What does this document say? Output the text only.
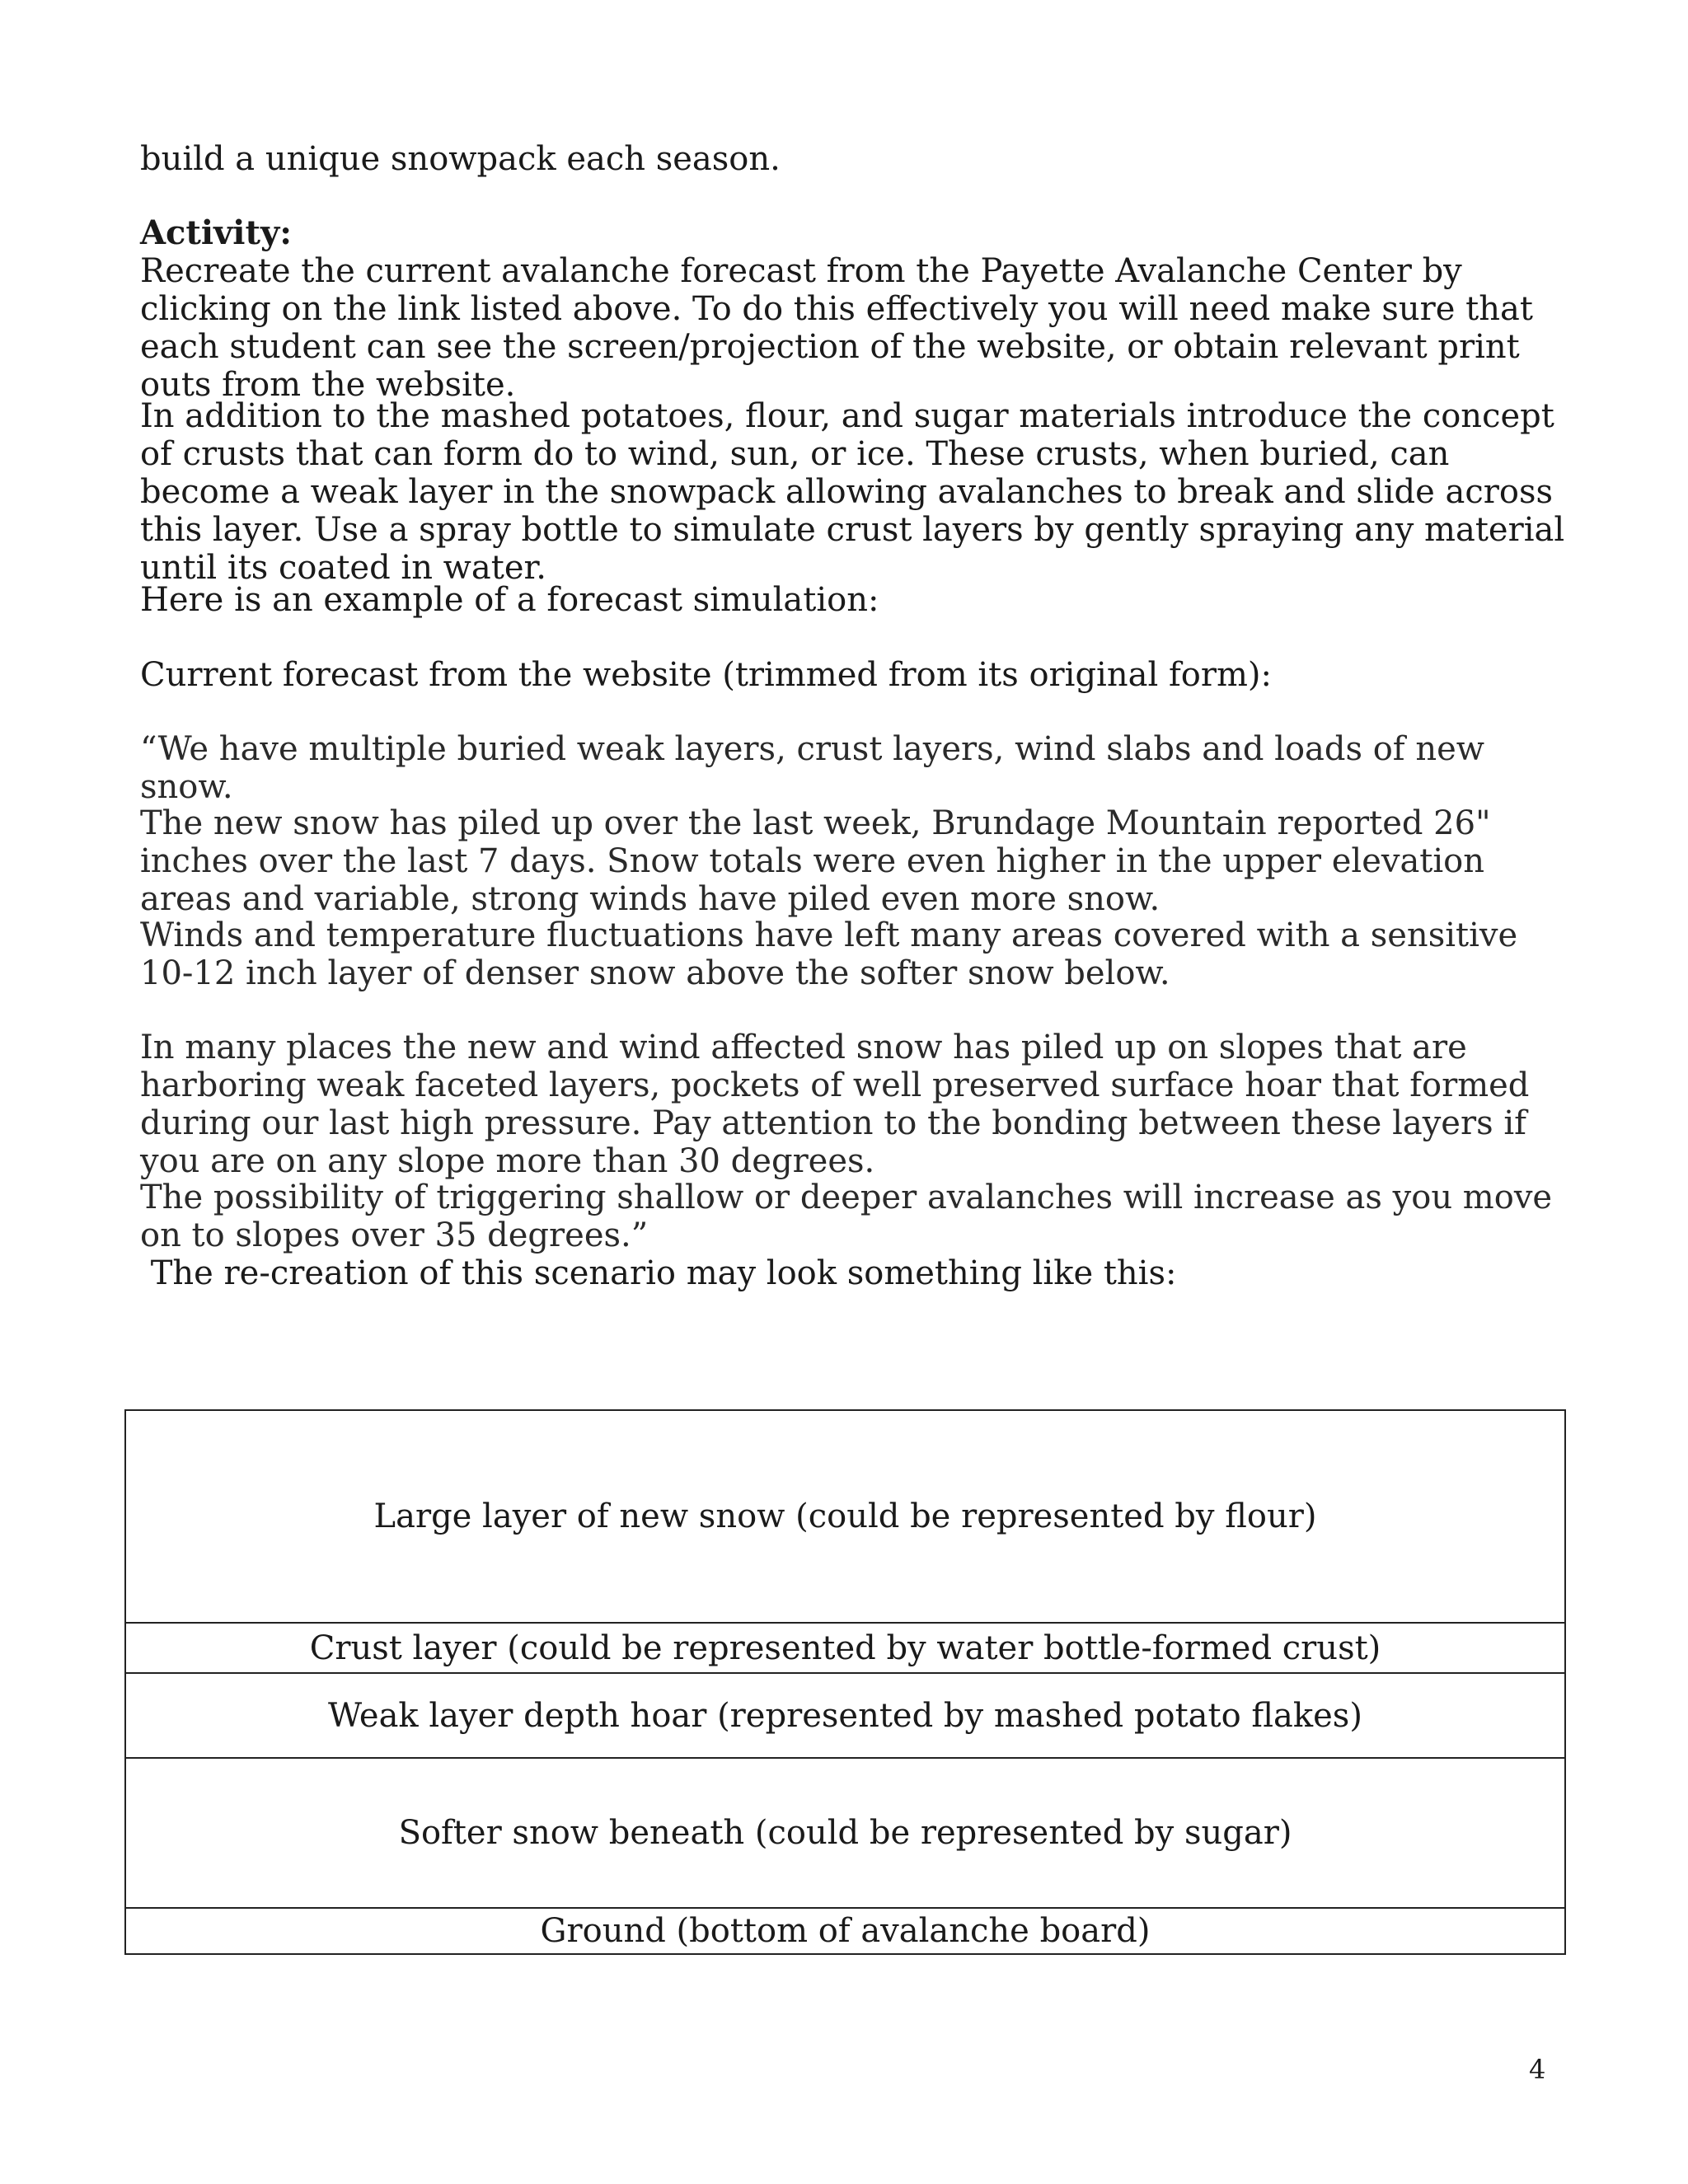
build a unique snowpack each season.

Activity:

Recreate the current avalanche forecast from the Payette Avalanche Center by clicking on the link listed above. To do this effectively you will need make sure that each student can see the screen/projection of the website, or obtain relevant print outs from the website.

In addition to the mashed potatoes, flour, and sugar materials introduce the concept of crusts that can form do to wind, sun, or ice. These crusts, when buried, can become a weak layer in the snowpack allowing avalanches to break and slide across this layer. Use a spray bottle to simulate crust layers by gently spraying any material until its coated in water.

Here is an example of a forecast simulation:

Current forecast from the website (trimmed from its original form):

“We have multiple buried weak layers, crust layers, wind slabs and loads of new snow.

The new snow has piled up over the last week, Brundage Mountain reported 26" inches over the last 7 days. Snow totals were even higher in the upper elevation areas and variable, strong winds have piled even more snow.

Winds and temperature fluctuations have left many areas covered with a sensitive 10-12 inch layer of denser snow above the softer snow below.

In many places the new and wind affected snow has piled up on slopes that are harboring weak faceted layers, pockets of well preserved surface hoar that formed during our last high pressure. Pay attention to the bonding between these layers if you are on any slope more than 30 degrees.

The possibility of triggering shallow or deeper avalanches will increase as you move on to slopes over 35 degrees.”

The re-creation of this scenario may look something like this:

Large layer of new snow (could be represented by flour)
Crust layer (could be represented by water bottle-formed crust)
Weak layer depth hoar (represented by mashed potato flakes)
Softer snow beneath (could be represented by sugar)
Ground (bottom of avalanche board)
4
